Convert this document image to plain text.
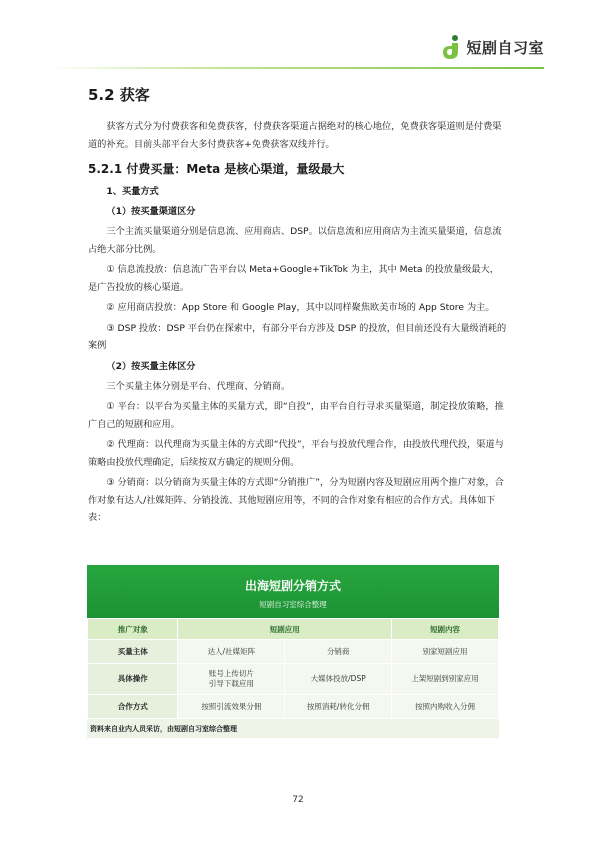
短剧自习室
5.2 获客

获客方式分为付费获客和免费获客，付费获客渠道占据绝对的核心地位，免费获客渠道则是付费渠道的补充。目前头部平台大多付费获客+免费获客双线并行。

5.2.1 付费买量：Meta 是核心渠道，量级最大

1、买量方式

（1）按买量渠道区分

三个主流买量渠道分别是信息流、应用商店、DSP。以信息流和应用商店为主流买量渠道，信息流占绝大部分比例。

① 信息流投放：信息流广告平台以 Meta+Google+TikTok 为主，其中 Meta 的投放量级最大，是广告投放的核心渠道。

② 应用商店投放：App Store 和 Google Play，其中以同样聚焦欧美市场的 App Store 为主。

③ DSP 投放：DSP 平台仍在探索中，有部分平台方涉及 DSP 的投放，但目前还没有大量级消耗的案例

（2）按买量主体区分

三个买量主体分别是平台、代理商、分销商。

① 平台：以平台为买量主体的买量方式，即“自投”，由平台自行寻求买量渠道，制定投放策略，推广自己的短剧和应用。

② 代理商：以代理商为买量主体的方式即“代投”，平台与投放代理合作，由投放代理代投，渠道与策略由投放代理确定，后续按双方确定的规则分佣。

③ 分销商：以分销商为买量主体的方式即“分销推广”，分为短剧内容及短剧应用两个推广对象，合作对象有达人/社媒矩阵、分销投流、其他短剧应用等，不同的合作对象有相应的合作方式。具体如下表：

出海短剧分销方式
短剧自习室综合整理
推广对象	短剧应用		短剧内容
买量主体	达人/社媒矩阵	分销商	别家短剧应用
具体操作	账号上传切片
引导下载应用	大媒体投放/DSP	上架短剧到别家应用
合作方式	按照引流效果分佣	按照消耗/转化分佣	按照内购收入分佣
资料来自业内人员采访，由短剧自习室综合整理
72
